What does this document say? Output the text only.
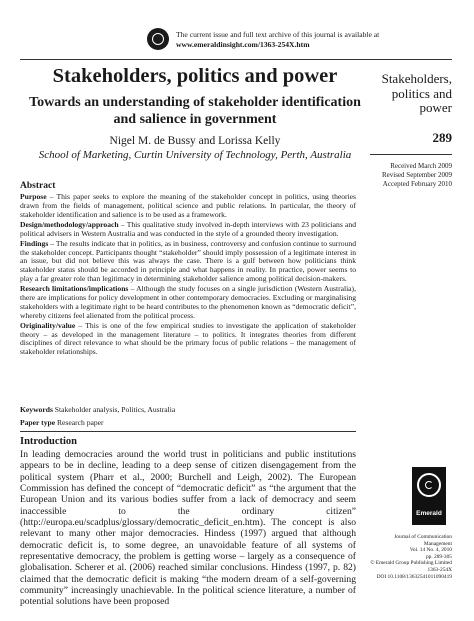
The current issue and full text archive of this journal is available at
www.emeraldinsight.com/1363-254X.htm
Stakeholders, politics and power
Towards an understanding of stakeholder identification and salience in government
Nigel M. de Bussy and Lorissa Kelly
School of Marketing, Curtin University of Technology, Perth, Australia
Stakeholders, politics and power
289
Received March 2009
Revised September 2009
Accepted February 2010
Emerald
Journal of Communication
Management
Vol. 14 No. 4, 2010
pp. 289-305
© Emerald Group Publishing Limited
1363-254X
DOI 10.1108/13632541011090419
Abstract

Purpose – This paper seeks to explore the meaning of the stakeholder concept in politics, using theories drawn from the fields of management, political science and public relations. In particular, the theory of stakeholder identification and salience is to be used as a framework.

Design/methodology/approach – This qualitative study involved in-depth interviews with 23 politicians and political advisers in Western Australia and was conducted in the style of a grounded theory investigation.

Findings – The results indicate that in politics, as in business, controversy and confusion continue to surround the stakeholder concept. Participants thought “stakeholder” should imply possession of a legitimate interest in an issue, but did not believe this was always the case. There is a gulf between how politicians think stakeholder status should be accorded in principle and what happens in reality. In practice, power seems to play a far greater role than legitimacy in determining stakeholder salience among political decision-makers.

Research limitations/implications – Although the study focuses on a single jurisdiction (Western Australia), there are implications for policy development in other contemporary democracies. Excluding or marginalising stakeholders with a legitimate right to be heard contributes to the phenomenon known as “democratic deficit”, whereby citizens feel alienated from the political process.

Originality/value – This is one of the few empirical studies to investigate the application of stakeholder theory – as developed in the management literature – to politics. It integrates theories from different disciplines of direct relevance to what should be the primary focus of public relations – the management of stakeholder relationships.

Keywords Stakeholder analysis, Politics, Australia
Paper type Research paper
Introduction

In leading democracies around the world trust in politicians and public institutions appears to be in decline, leading to a deep sense of citizen disengagement from the political system (Pharr et al., 2000; Burchell and Leigh, 2002). The European Commission has defined the concept of “democratic deficit” as “the argument that the European Union and its various bodies suffer from a lack of democracy and seem inaccessible to the ordinary citizen” (http://europa.eu/scadplus/glossary/democratic_deficit_en.htm). The concept is also relevant to many other major democracies. Hindess (1997) argued that although democratic deficit is, to some degree, an unavoidable feature of all systems of representative democracy, the problem is getting worse – largely as a consequence of globalisation. Scherer et al. (2006) reached similar conclusions. Hindess (1997, p. 82) claimed that the democratic deficit is making “the modern dream of a self-governing community” increasingly unachievable. In the political science literature, a number of potential solutions have been proposed
